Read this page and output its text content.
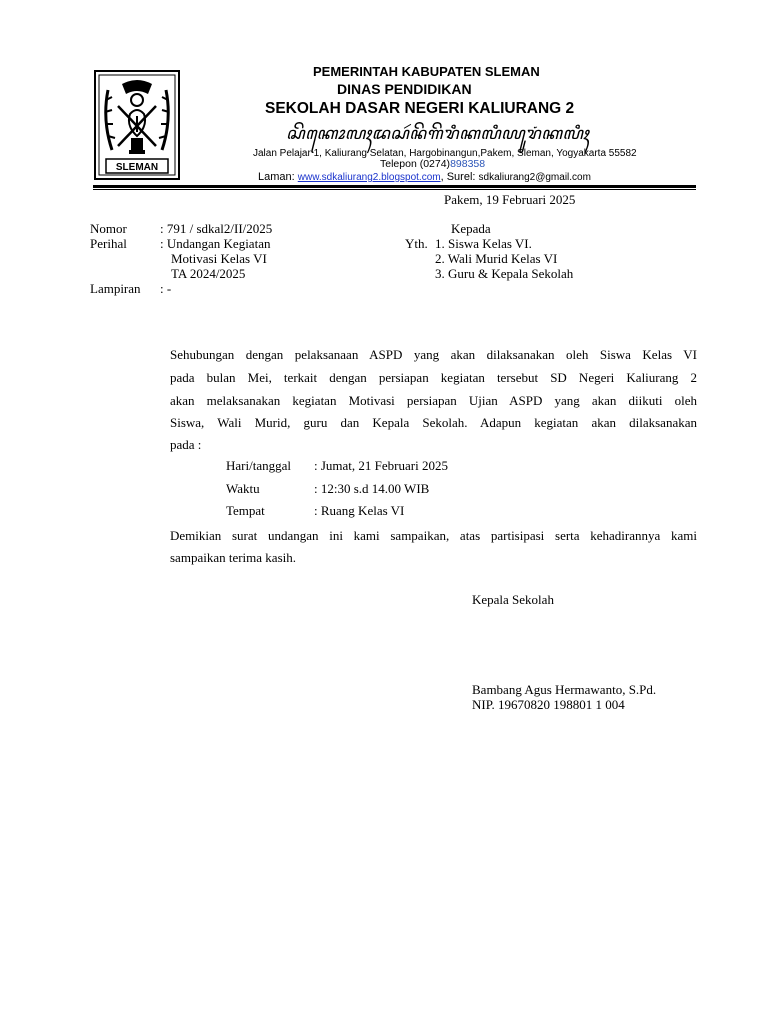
SLEMAN
PEMERINTAH KABUPATEN SLEMAN
DINAS PENDIDIKAN
SEKOLAH DASAR NEGERI KALIURANG 2
ꦱꦼꦏꦺꦴꦭꦃꦢꦱꦂꦤꦼꦒꦼꦫꦶꦏꦭꦶꦪꦸꦫꦁꦏꦭꦶꦃ
Jalan Pelajar 1, Kaliurang Selatan, Hargobinangun,Pakem, Sleman, Yogyakarta 55582
Telepon (0274)898358
Laman: www.sdkaliurang2.blogspot.com, Surel: sdkaliurang2@gmail.com
Pakem, 19 Februari 2025
Nomor	: 791 / sdkal2/II/2025
Perihal	: Undangan Kegiatan
Motivasi Kelas VI
TA 2024/2025
Lampiran : -
Kepada
Yth. 1. Siswa Kelas VI.
2. Wali Murid Kelas VI
3. Guru & Kepala Sekolah
Sehubungan dengan pelaksanaan ASPD yang akan dilaksanakan oleh Siswa Kelas VI
pada bulan Mei, terkait dengan persiapan kegiatan tersebut SD Negeri Kaliurang 2
akan melaksanakan kegiatan Motivasi persiapan Ujian ASPD yang akan diikuti oleh
Siswa, Wali Murid, guru dan Kepala Sekolah. Adapun kegiatan akan dilaksanakan
pada :
Hari/tanggal : Jumat, 21 Februari 2025
Waktu	: 12:30 s.d 14.00 WIB
Tempat	: Ruang Kelas VI
Demikian surat undangan ini kami sampaikan, atas partisipasi serta kehadirannya kami
sampaikan terima kasih.
Kepala Sekolah
Bambang Agus Hermawanto, S.Pd.
NIP. 19670820 198801 1 004
